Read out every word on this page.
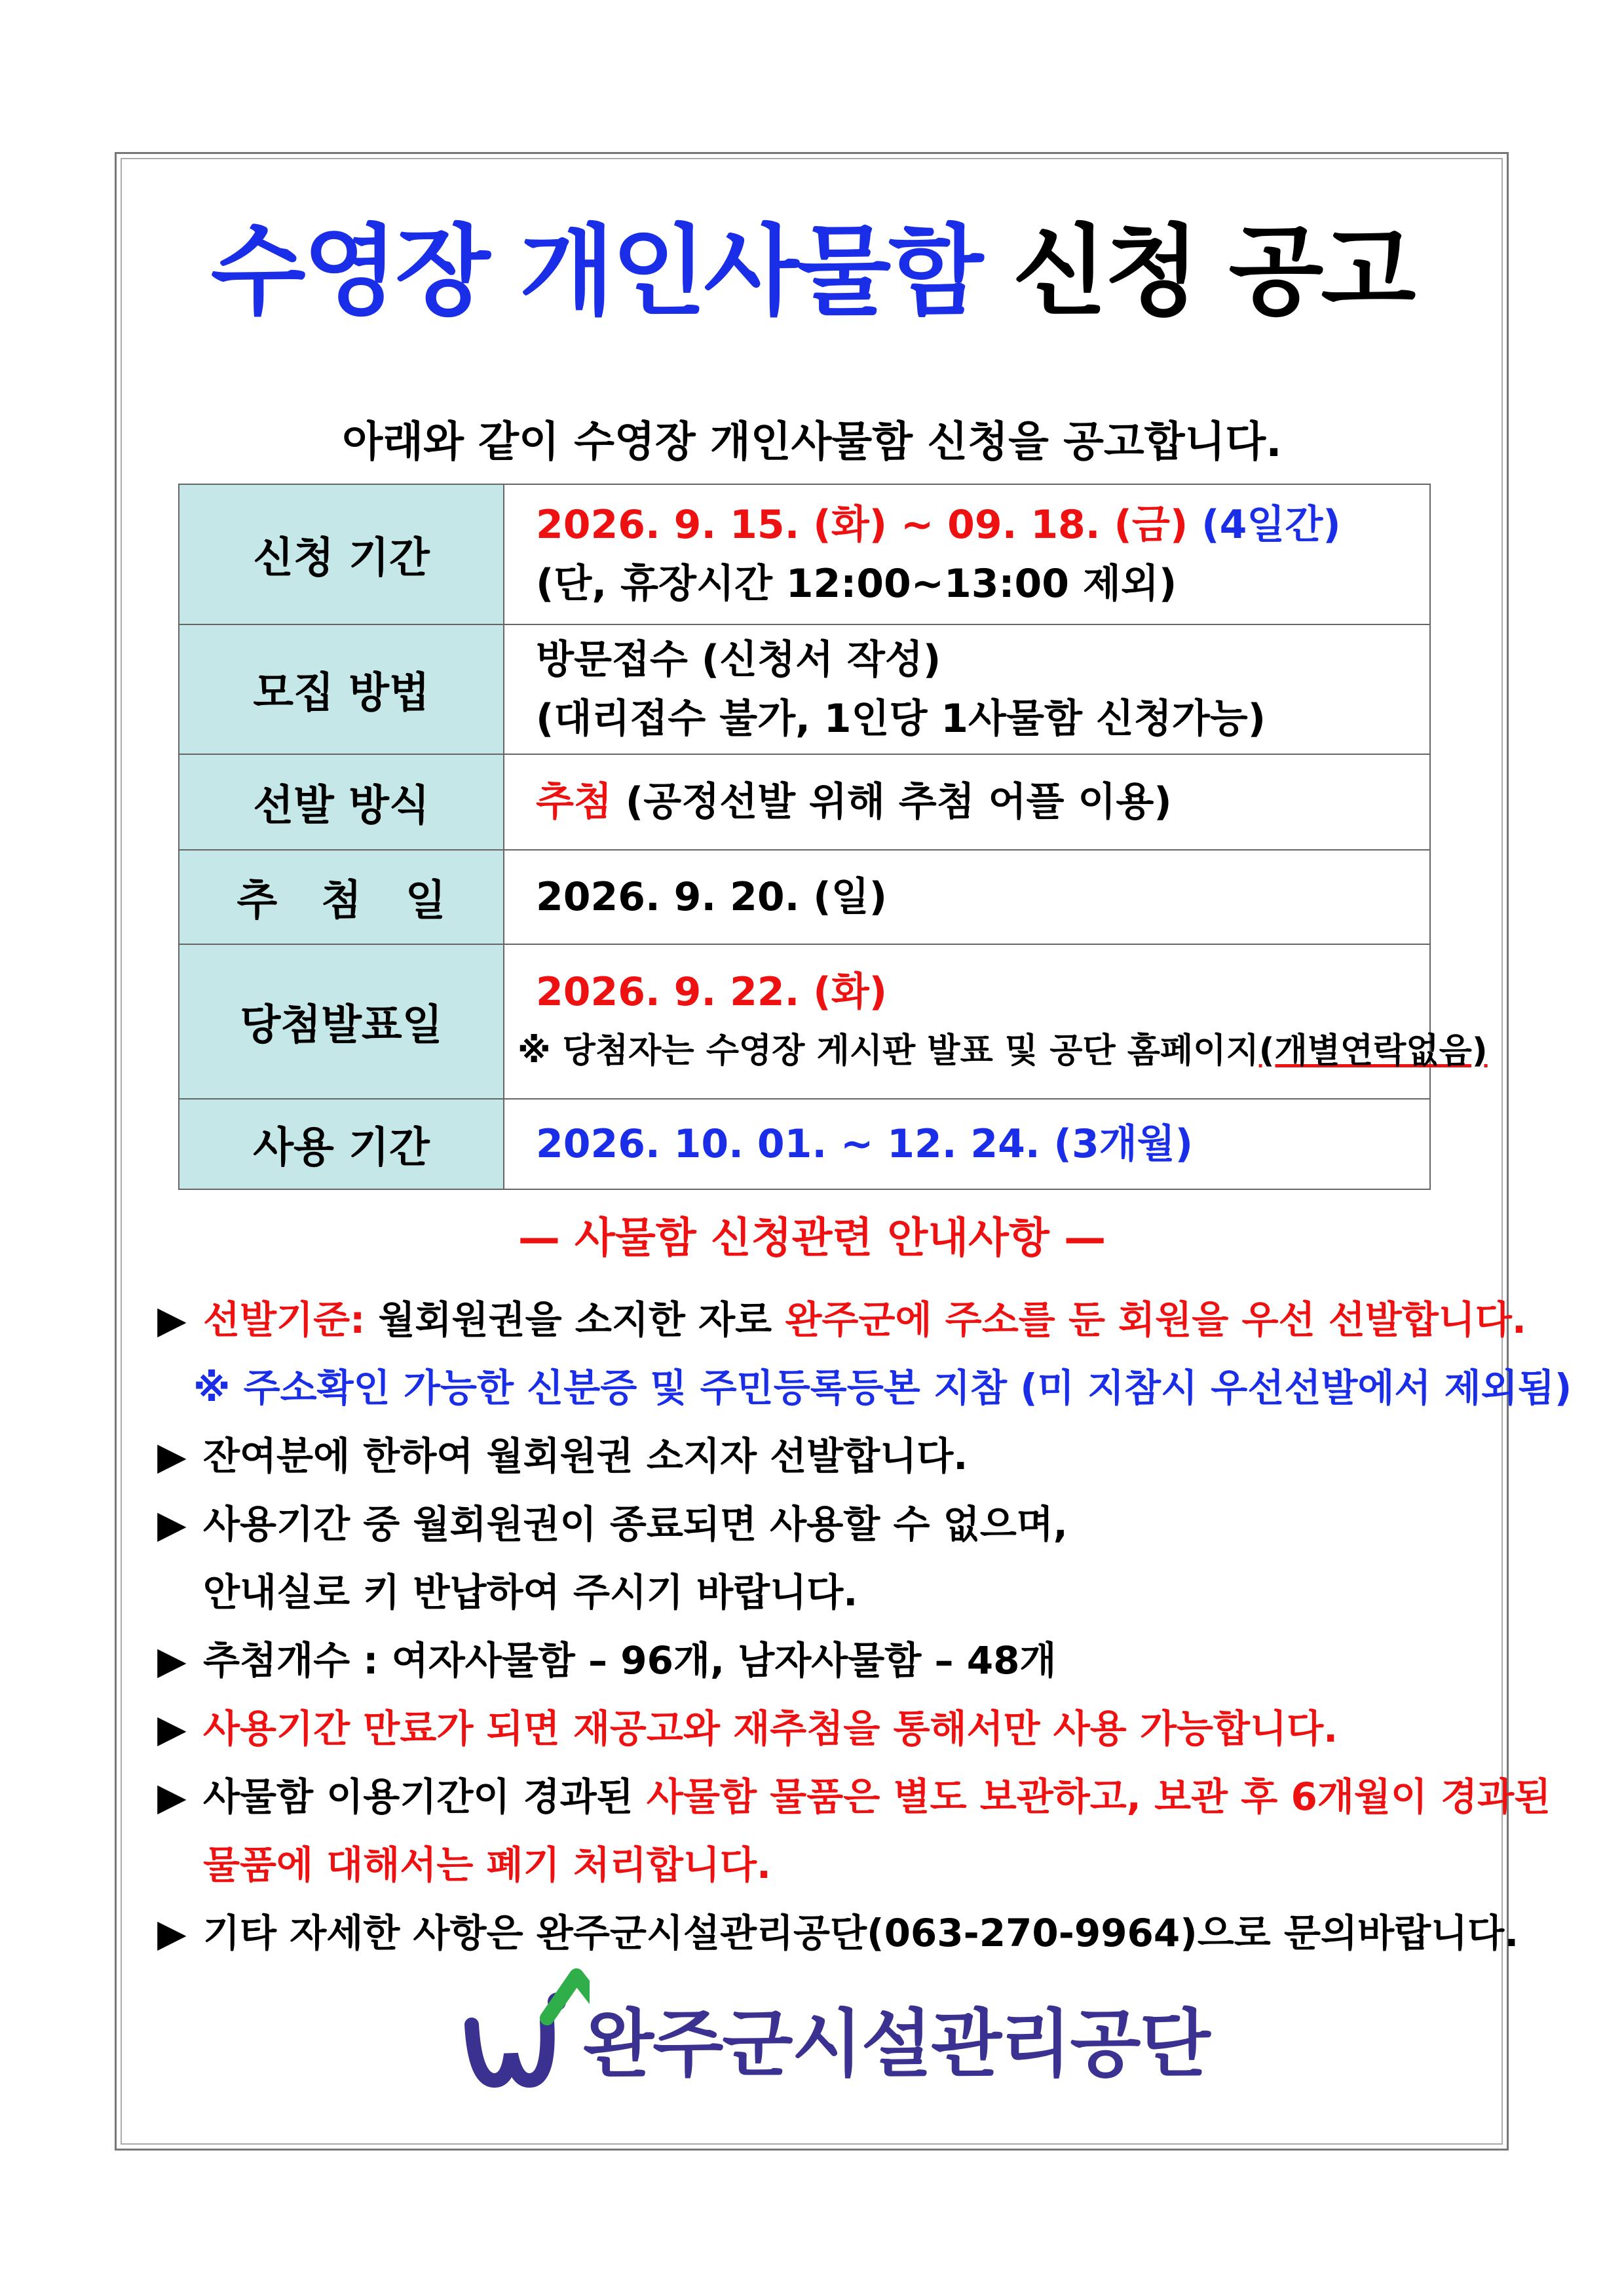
수영장 개인사물함 신청 공고
아래와 같이 수영장 개인사물함 신청을 공고합니다.
신청 기간	2026. 9. 15. (화) ~ 09. 18. (금) (4일간)
(단, 휴장시간 12:00~13:00 제외)

모집 방법	방문접수 (신청서 작성)
(대리접수 불가, 1인당 1사물함 신청가능)

선발 방식	추첨 (공정선발 위해 추첨 어플 이용)
추   첨   일	2026. 9. 20. (일)
당첨발표일	2026. 9. 22. (화)
※ 당첨자는 수영장 게시판 발표 및 공단 홈페이지(개별연락없음)

사용 기간	2026. 10. 01. ~ 12. 24. (3개월)
— 사물함 신청관련 안내사항 —
▶ 선발기준: 월회원권을 소지한 자로 완주군에 주소를 둔 회원을 우선 선발합니다.
※ 주소확인 가능한 신분증 및 주민등록등본 지참 (미 지참시 우선선발에서 제외됨)
▶ 잔여분에 한하여 월회원권 소지자 선발합니다.
▶ 사용기간 중 월회원권이 종료되면 사용할 수 없으며,
안내실로 키 반납하여 주시기 바랍니다.
▶ 추첨개수 : 여자사물함 – 96개, 남자사물함 – 48개
▶ 사용기간 만료가 되면 재공고와 재추첨을 통해서만 사용 가능합니다.
▶ 사물함 이용기간이 경과된 사물함 물품은 별도 보관하고, 보관 후 6개월이 경과된
물품에 대해서는 폐기 처리합니다.
▶ 기타 자세한 사항은 완주군시설관리공단(063-270-9964)으로 문의바랍니다.
완주군시설관리공단
